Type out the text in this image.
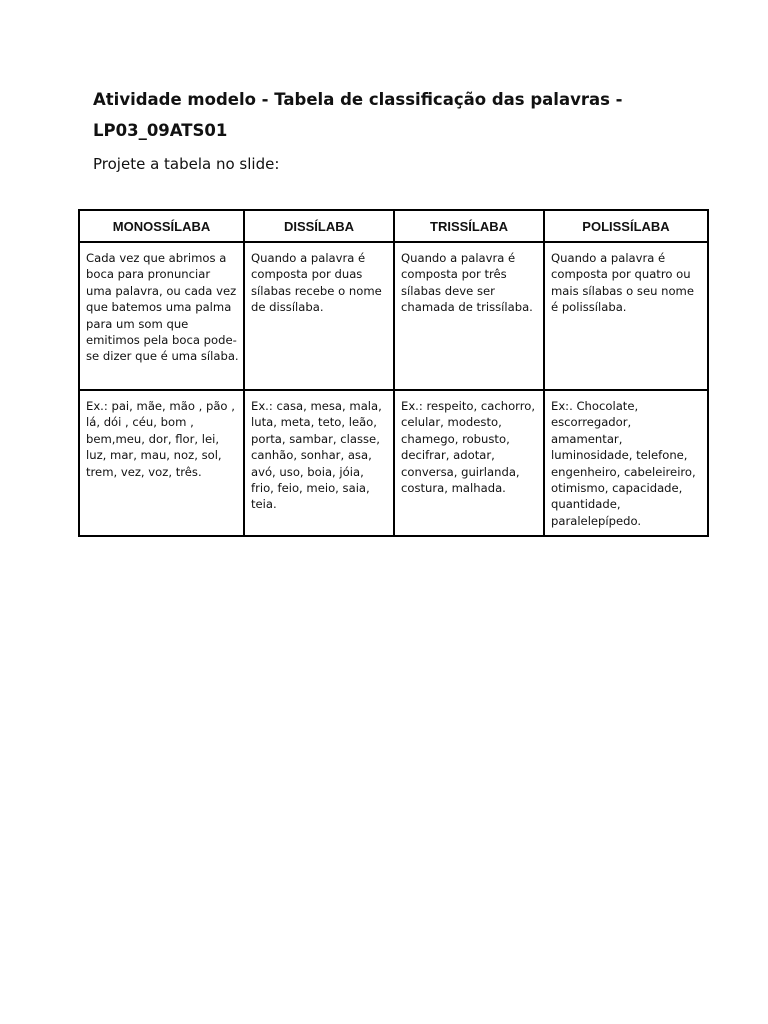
Atividade modelo - Tabela de classificação das palavras - LP03_09ATS01

Projete a tabela no slide:

MONOSSÍLABA	DISSÍLABA	TRISSÍLABA	POLISSÍLABA

Cada vez que abrimos a boca para pronunciar uma palavra, ou cada vez que batemos uma palma para um som que emitimos pela boca pode-se dizer que é uma sílaba.	Quando a palavra é composta por duas sílabas recebe o nome de dissílaba.	Quando a palavra é composta por três sílabas deve ser chamada de trissílaba.	Quando a palavra é composta por quatro ou mais sílabas o seu nome é polissílaba.

Ex.: pai, mãe, mão , pão , lá, dói , céu, bom , bem,meu, dor, flor, lei, luz, mar, mau, noz, sol, trem, vez, voz, três.	Ex.: casa, mesa, mala, luta, meta, teto, leão, porta, sambar, classe, canhão, sonhar, asa, avó, uso, boia, jóia, frio, feio, meio, saia, teia.	Ex.: respeito, cachorro, celular, modesto, chamego, robusto, decifrar, adotar, conversa, guirlanda, costura, malhada.	Ex:. Chocolate, escorregador, amamentar, luminosidade, telefone, engenheiro, cabeleireiro, otimismo, capacidade, quantidade, paralelepípedo.
